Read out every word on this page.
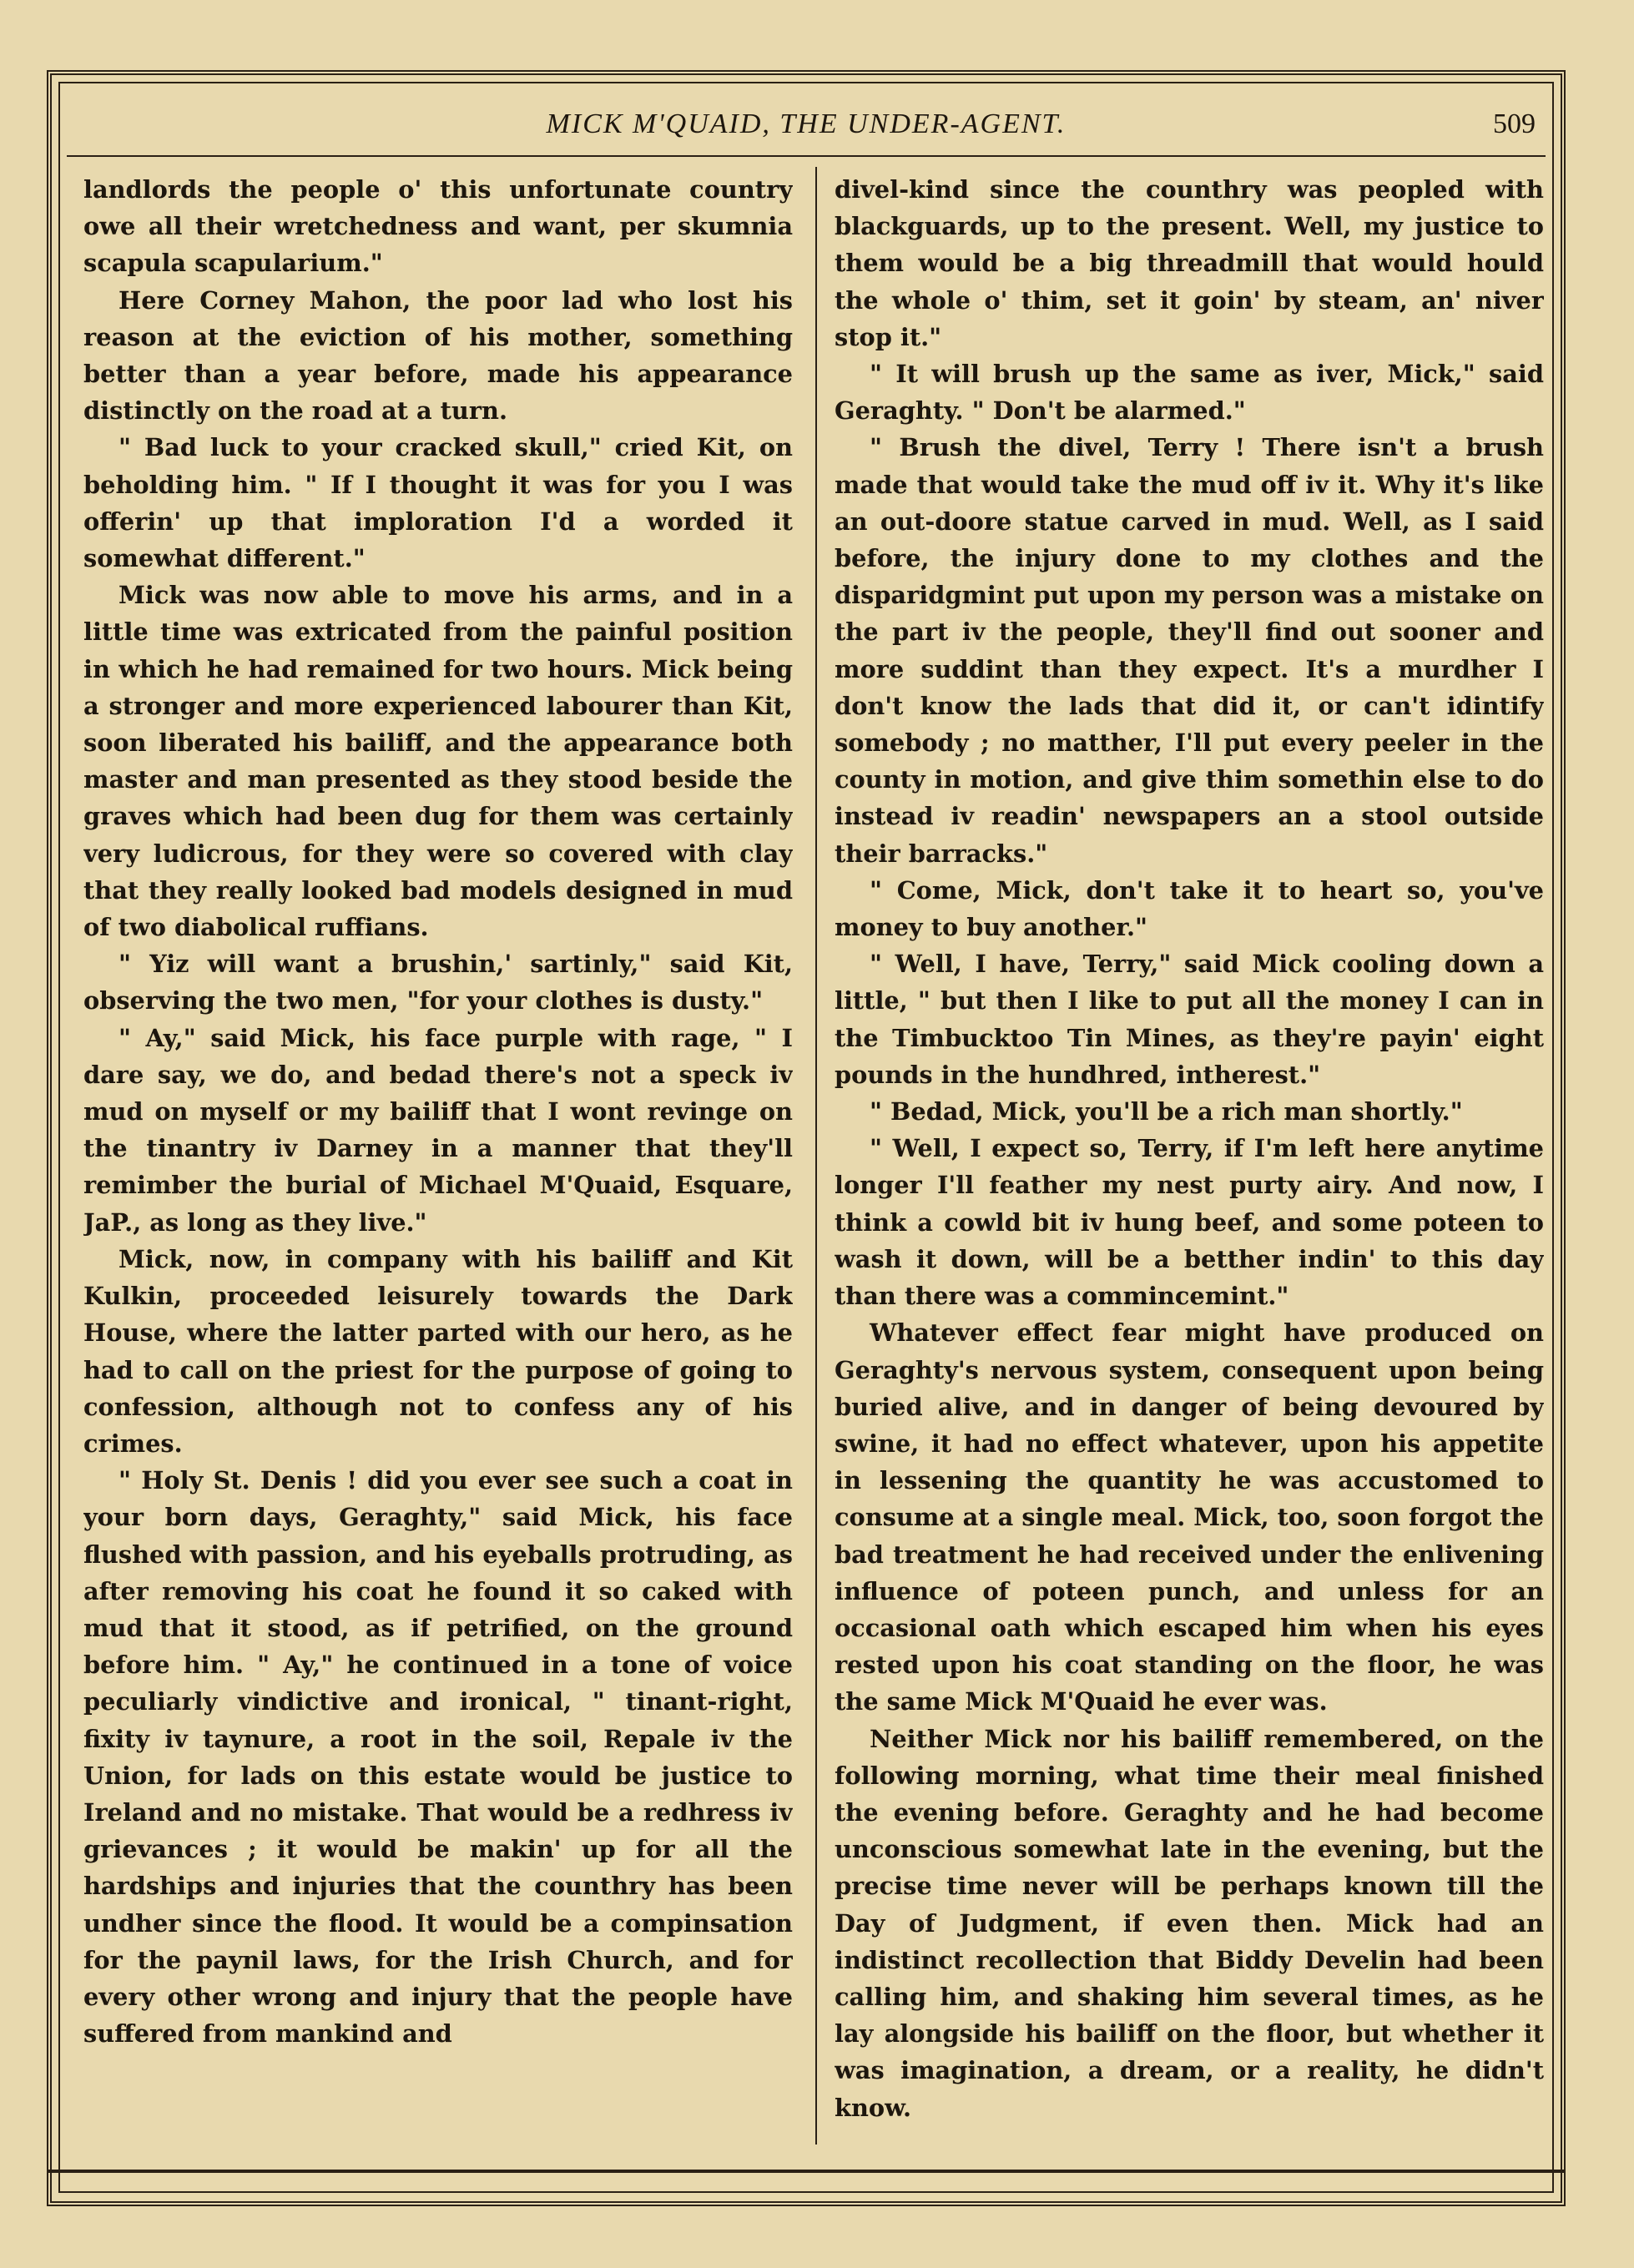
MICK M'QUAID, THE UNDER-AGENT.	509

landlords the people o' this unfortunate country owe all their wretchedness and want, per skumnia scapula scapularium."

Here Corney Mahon, the poor lad who lost his reason at the eviction of his mother, something better than a year before, made his appearance distinctly on the road at a turn.

" Bad luck to your cracked skull," cried Kit, on beholding him. " If I thought it was for you I was offerin' up that imploration I'd a worded it somewhat different."

Mick was now able to move his arms, and in a little time was extricated from the painful position in which he had remained for two hours. Mick being a stronger and more experienced labourer than Kit, soon liberated his bailiff, and the appearance both master and man presented as they stood beside the graves which had been dug for them was certainly very ludicrous, for they were so covered with clay that they really looked bad models designed in mud of two diabolical ruffians.

" Yiz will want a brushin,' sartinly," said Kit, observing the two men, "for your clothes is dusty."

" Ay," said Mick, his face purple with rage, " I dare say, we do, and bedad there's not a speck iv mud on myself or my bailiff that I wont revinge on the tinantry iv Darney in a manner that they'll remimber the burial of Michael M'Quaid, Esquare, JaP., as long as they live."

Mick, now, in company with his bailiff and Kit Kulkin, proceeded leisurely towards the Dark House, where the latter parted with our hero, as he had to call on the priest for the purpose of going to confession, although not to confess any of his crimes.

" Holy St. Denis ! did you ever see such a coat in your born days, Geraghty," said Mick, his face flushed with passion, and his eyeballs protruding, as after removing his coat he found it so caked with mud that it stood, as if petrified, on the ground before him. " Ay," he continued in a tone of voice peculiarly vindictive and ironical, " tinant-right, fixity iv taynure, a root in the soil, Repale iv the Union, for lads on this estate would be justice to Ireland and no mistake. That would be a redhress iv grievances ; it would be makin' up for all the hardships and injuries that the counthry has been undher since the flood. It would be a compinsation for the paynil laws, for the Irish Church, and for every other wrong and injury that the people have suffered from mankind and

divel-kind since the counthry was peopled with blackguards, up to the present. Well, my justice to them would be a big threadmill that would hould the whole o' thim, set it goin' by steam, an' niver stop it."

" It will brush up the same as iver, Mick," said Geraghty. " Don't be alarmed."

" Brush the divel, Terry ! There isn't a brush made that would take the mud off iv it. Why it's like an out-doore statue carved in mud. Well, as I said before, the injury done to my clothes and the disparidgmint put upon my person was a mistake on the part iv the people, they'll find out sooner and more suddint than they expect. It's a murdher I don't know the lads that did it, or can't idintify somebody ; no matther, I'll put every peeler in the county in motion, and give thim somethin else to do instead iv readin' newspapers an a stool outside their barracks."

" Come, Mick, don't take it to heart so, you've money to buy another."

" Well, I have, Terry," said Mick cooling down a little, " but then I like to put all the money I can in the Timbucktoo Tin Mines, as they're payin' eight pounds in the hundhred, intherest."

" Bedad, Mick, you'll be a rich man shortly."

" Well, I expect so, Terry, if I'm left here anytime longer I'll feather my nest purty airy. And now, I think a cowld bit iv hung beef, and some poteen to wash it down, will be a betther indin' to this day than there was a commincemint."

Whatever effect fear might have produced on Geraghty's nervous system, consequent upon being buried alive, and in danger of being devoured by swine, it had no effect whatever, upon his appetite in lessening the quantity he was accustomed to consume at a single meal. Mick, too, soon forgot the bad treatment he had received under the enlivening influence of poteen punch, and unless for an occasional oath which escaped him when his eyes rested upon his coat standing on the floor, he was the same Mick M'Quaid he ever was.

Neither Mick nor his bailiff remembered, on the following morning, what time their meal finished the evening before. Geraghty and he had become unconscious somewhat late in the evening, but the precise time never will be perhaps known till the Day of Judgment, if even then. Mick had an indistinct recollection that Biddy Develin had been calling him, and shaking him several times, as he lay alongside his bailiff on the floor, but whether it was imagination, a dream, or a reality, he didn't know.
